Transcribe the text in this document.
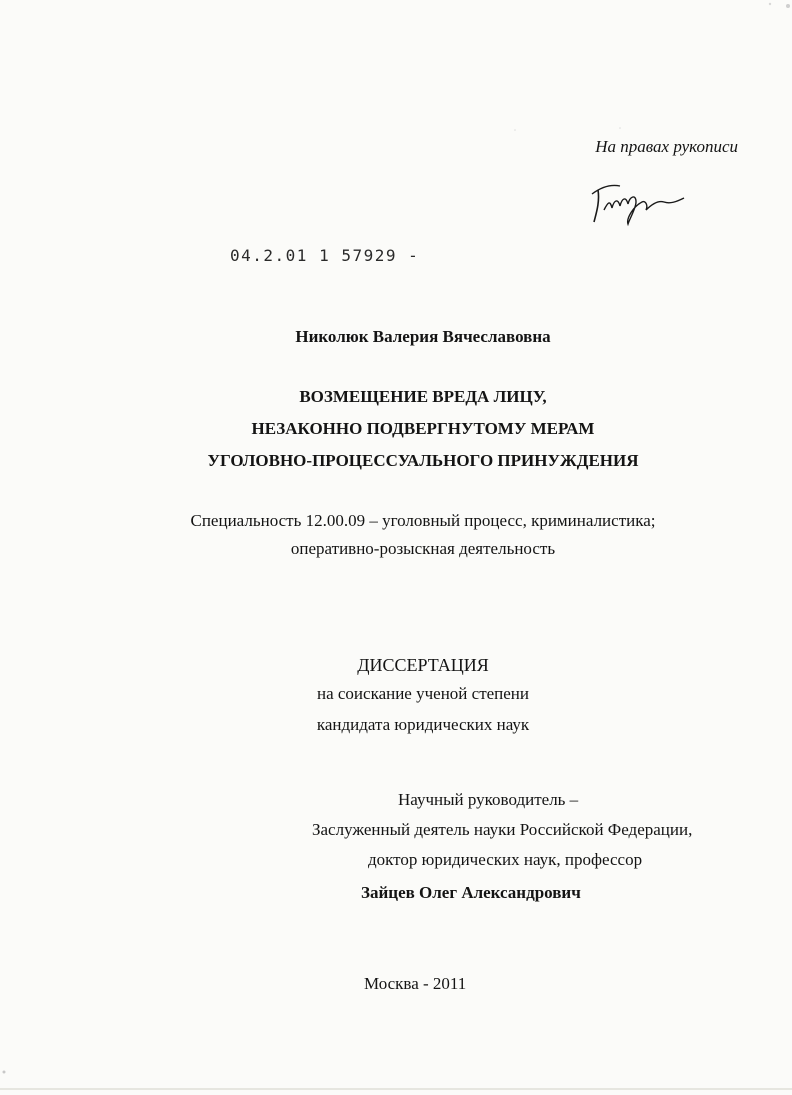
На правах рукописи
04.2.01 1 57929 -
Николюк Валерия Вячеславовна
ВОЗМЕЩЕНИЕ ВРЕДА ЛИЦУ,
НЕЗАКОННО ПОДВЕРГНУТОМУ МЕРАМ
УГОЛОВНО-ПРОЦЕССУАЛЬНОГО ПРИНУЖДЕНИЯ
Специальность 12.00.09 – уголовный процесс, криминалистика;
оперативно-розыскная деятельность
ДИССЕРТАЦИЯ
на соискание ученой степени
кандидата юридических наук
Научный руководитель –
Заслуженный деятель науки Российской Федерации,
доктор юридических наук, профессор
Зайцев Олег Александрович
Москва - 2011
